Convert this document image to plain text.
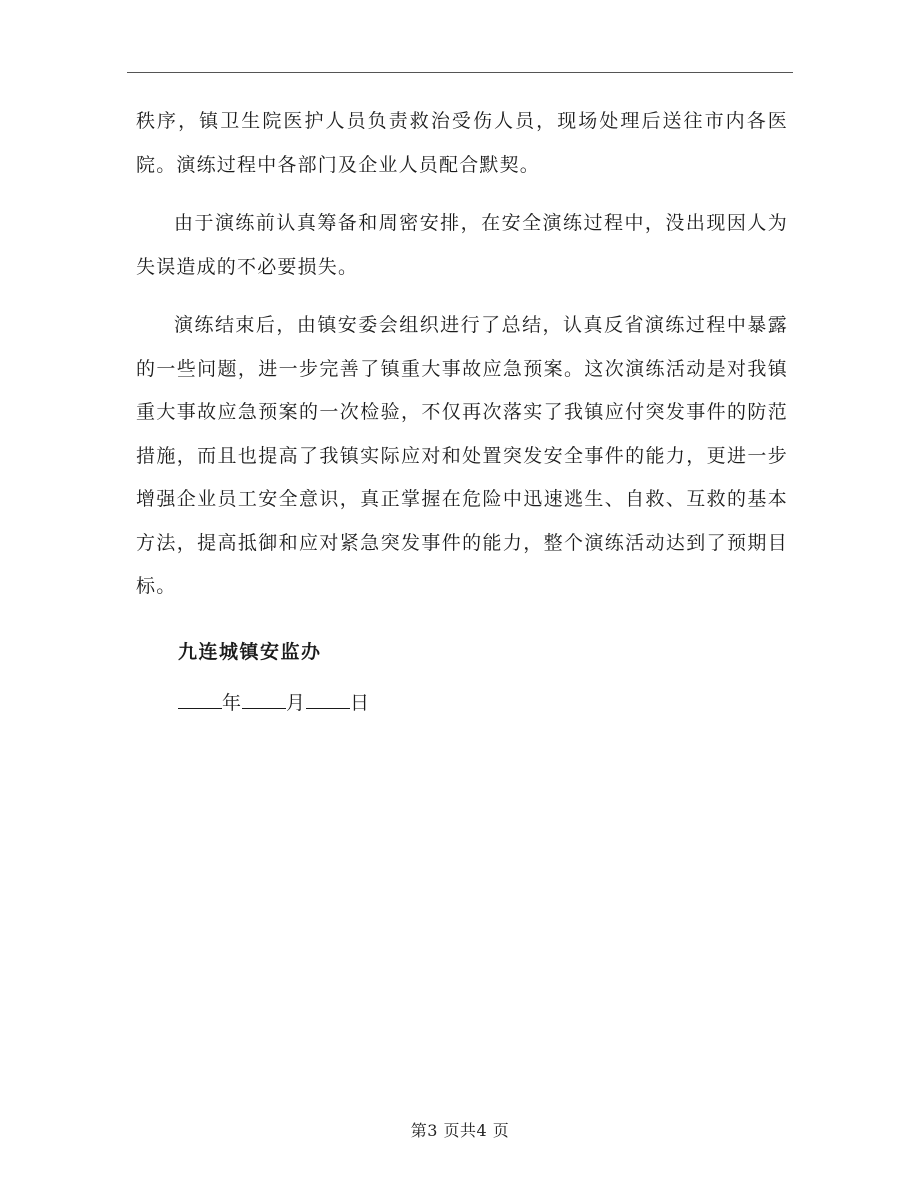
秩序，镇卫生院医护人员负责救治受伤人员，现场处理后送往市内各医院。演练过程中各部门及企业人员配合默契。

由于演练前认真筹备和周密安排，在安全演练过程中，没出现因人为失误造成的不必要损失。

演练结束后，由镇安委会组织进行了总结，认真反省演练过程中暴露的一些问题，进一步完善了镇重大事故应急预案。这次演练活动是对我镇重大事故应急预案的一次检验，不仅再次落实了我镇应付突发事件的防范措施，而且也提高了我镇实际应对和处置突发安全事件的能力，更进一步增强企业员工安全意识，真正掌握在危险中迅速逃生、自救、互救的基本方法，提高抵御和应对紧急突发事件的能力，整个演练活动达到了预期目标。

九连城镇安监办

年 月 日

第3 页共4 页
